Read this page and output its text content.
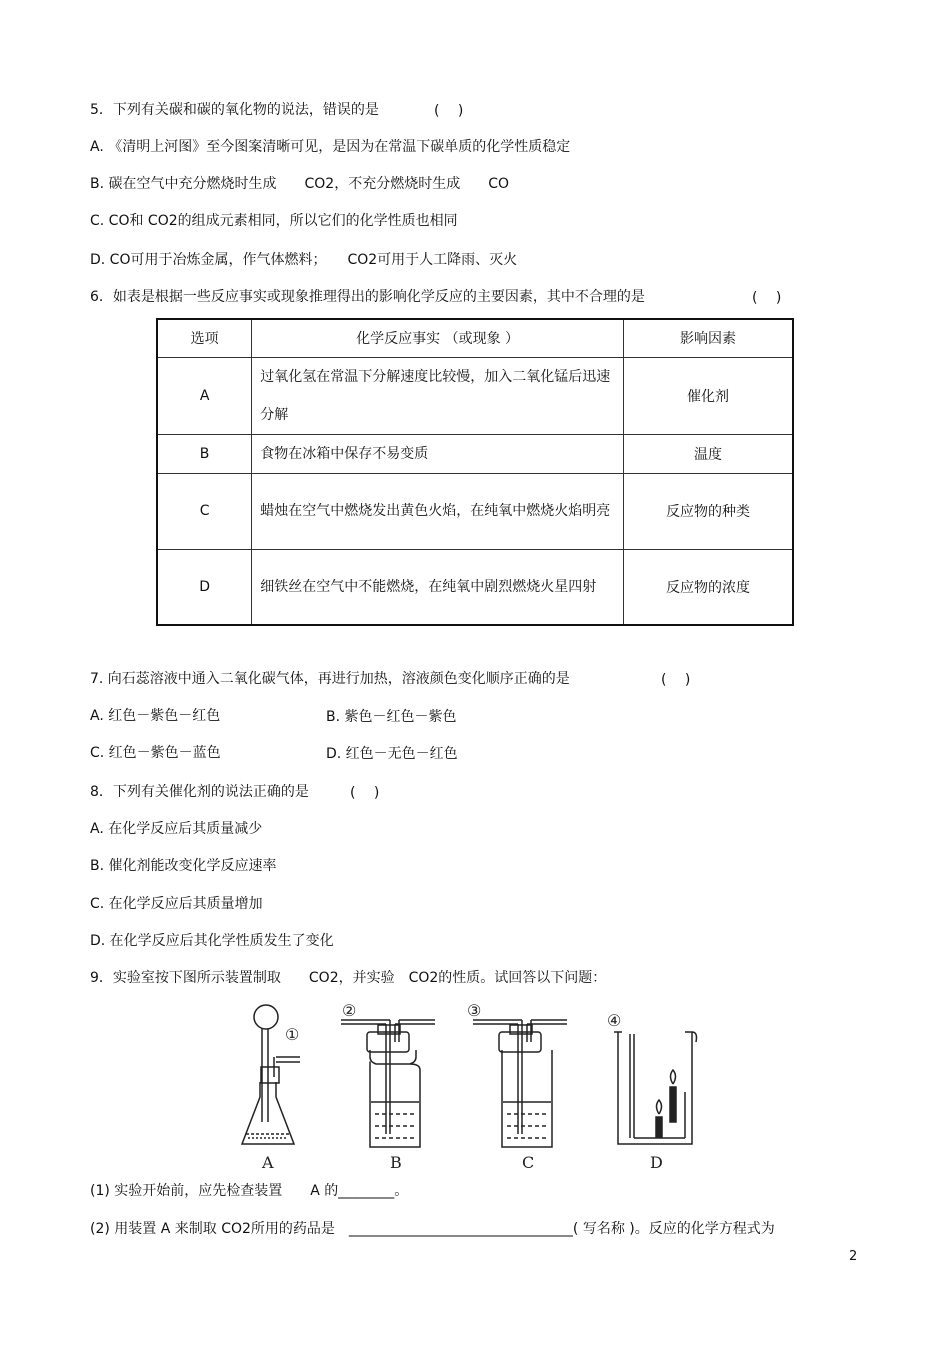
5．下列有关碳和碳的氧化物的说法，错误的是	(　 )
A. 《清明上河图》至今图案清晰可见，是因为在常温下碳单质的化学性质稳定
B. 碳在空气中充分燃烧时生成　　CO2，不充分燃烧时生成　　CO
C. CO和 CO2的组成元素相同，所以它们的化学性质也相同
D. CO可用于冶炼金属，作气体燃料；　　CO2可用于人工降雨、灭火
6．如表是根据一些反应事实或现象推理得出的影响化学反应的主要因素，其中不合理的是	(　 )
选项	化学反应事实 （或现象 ）	影响因素
A	过氧化氢在常温下分解速度比较慢，加入二氧化锰后迅速分解	催化剂
B	食物在冰箱中保存不易变质	温度
C	蜡烛在空气中燃烧发出黄色火焰，在纯氧中燃烧火焰明亮	反应物的种类
D	细铁丝在空气中不能燃烧，在纯氧中剧烈燃烧火星四射	反应物的浓度
7. 向石蕊溶液中通入二氧化碳气体，再进行加热，溶液颜色变化顺序正确的是	(　 )
A. 红色－紫色－红色	B. 紫色－红色－紫色
C. 红色－紫色－蓝色	D. 红色－无色－红色
8．下列有关催化剂的说法正确的是	(　 )
A. 在化学反应后其质量减少
B. 催化剂能改变化学反应速率
C. 在化学反应后其质量增加
D. 在化学反应后其化学性质发生了变化
9．实验室按下图所示装置制取　　CO2，并实验　CO2的性质。试回答以下问题：
①
②	③
④
A	B	C	D
(1) 实验开始前，应先检查装置　　A 的________。
(2) 用装置 A 来制取 CO2所用的药品是　________________________________( 写名称 )。反应的化学方程式为
2
